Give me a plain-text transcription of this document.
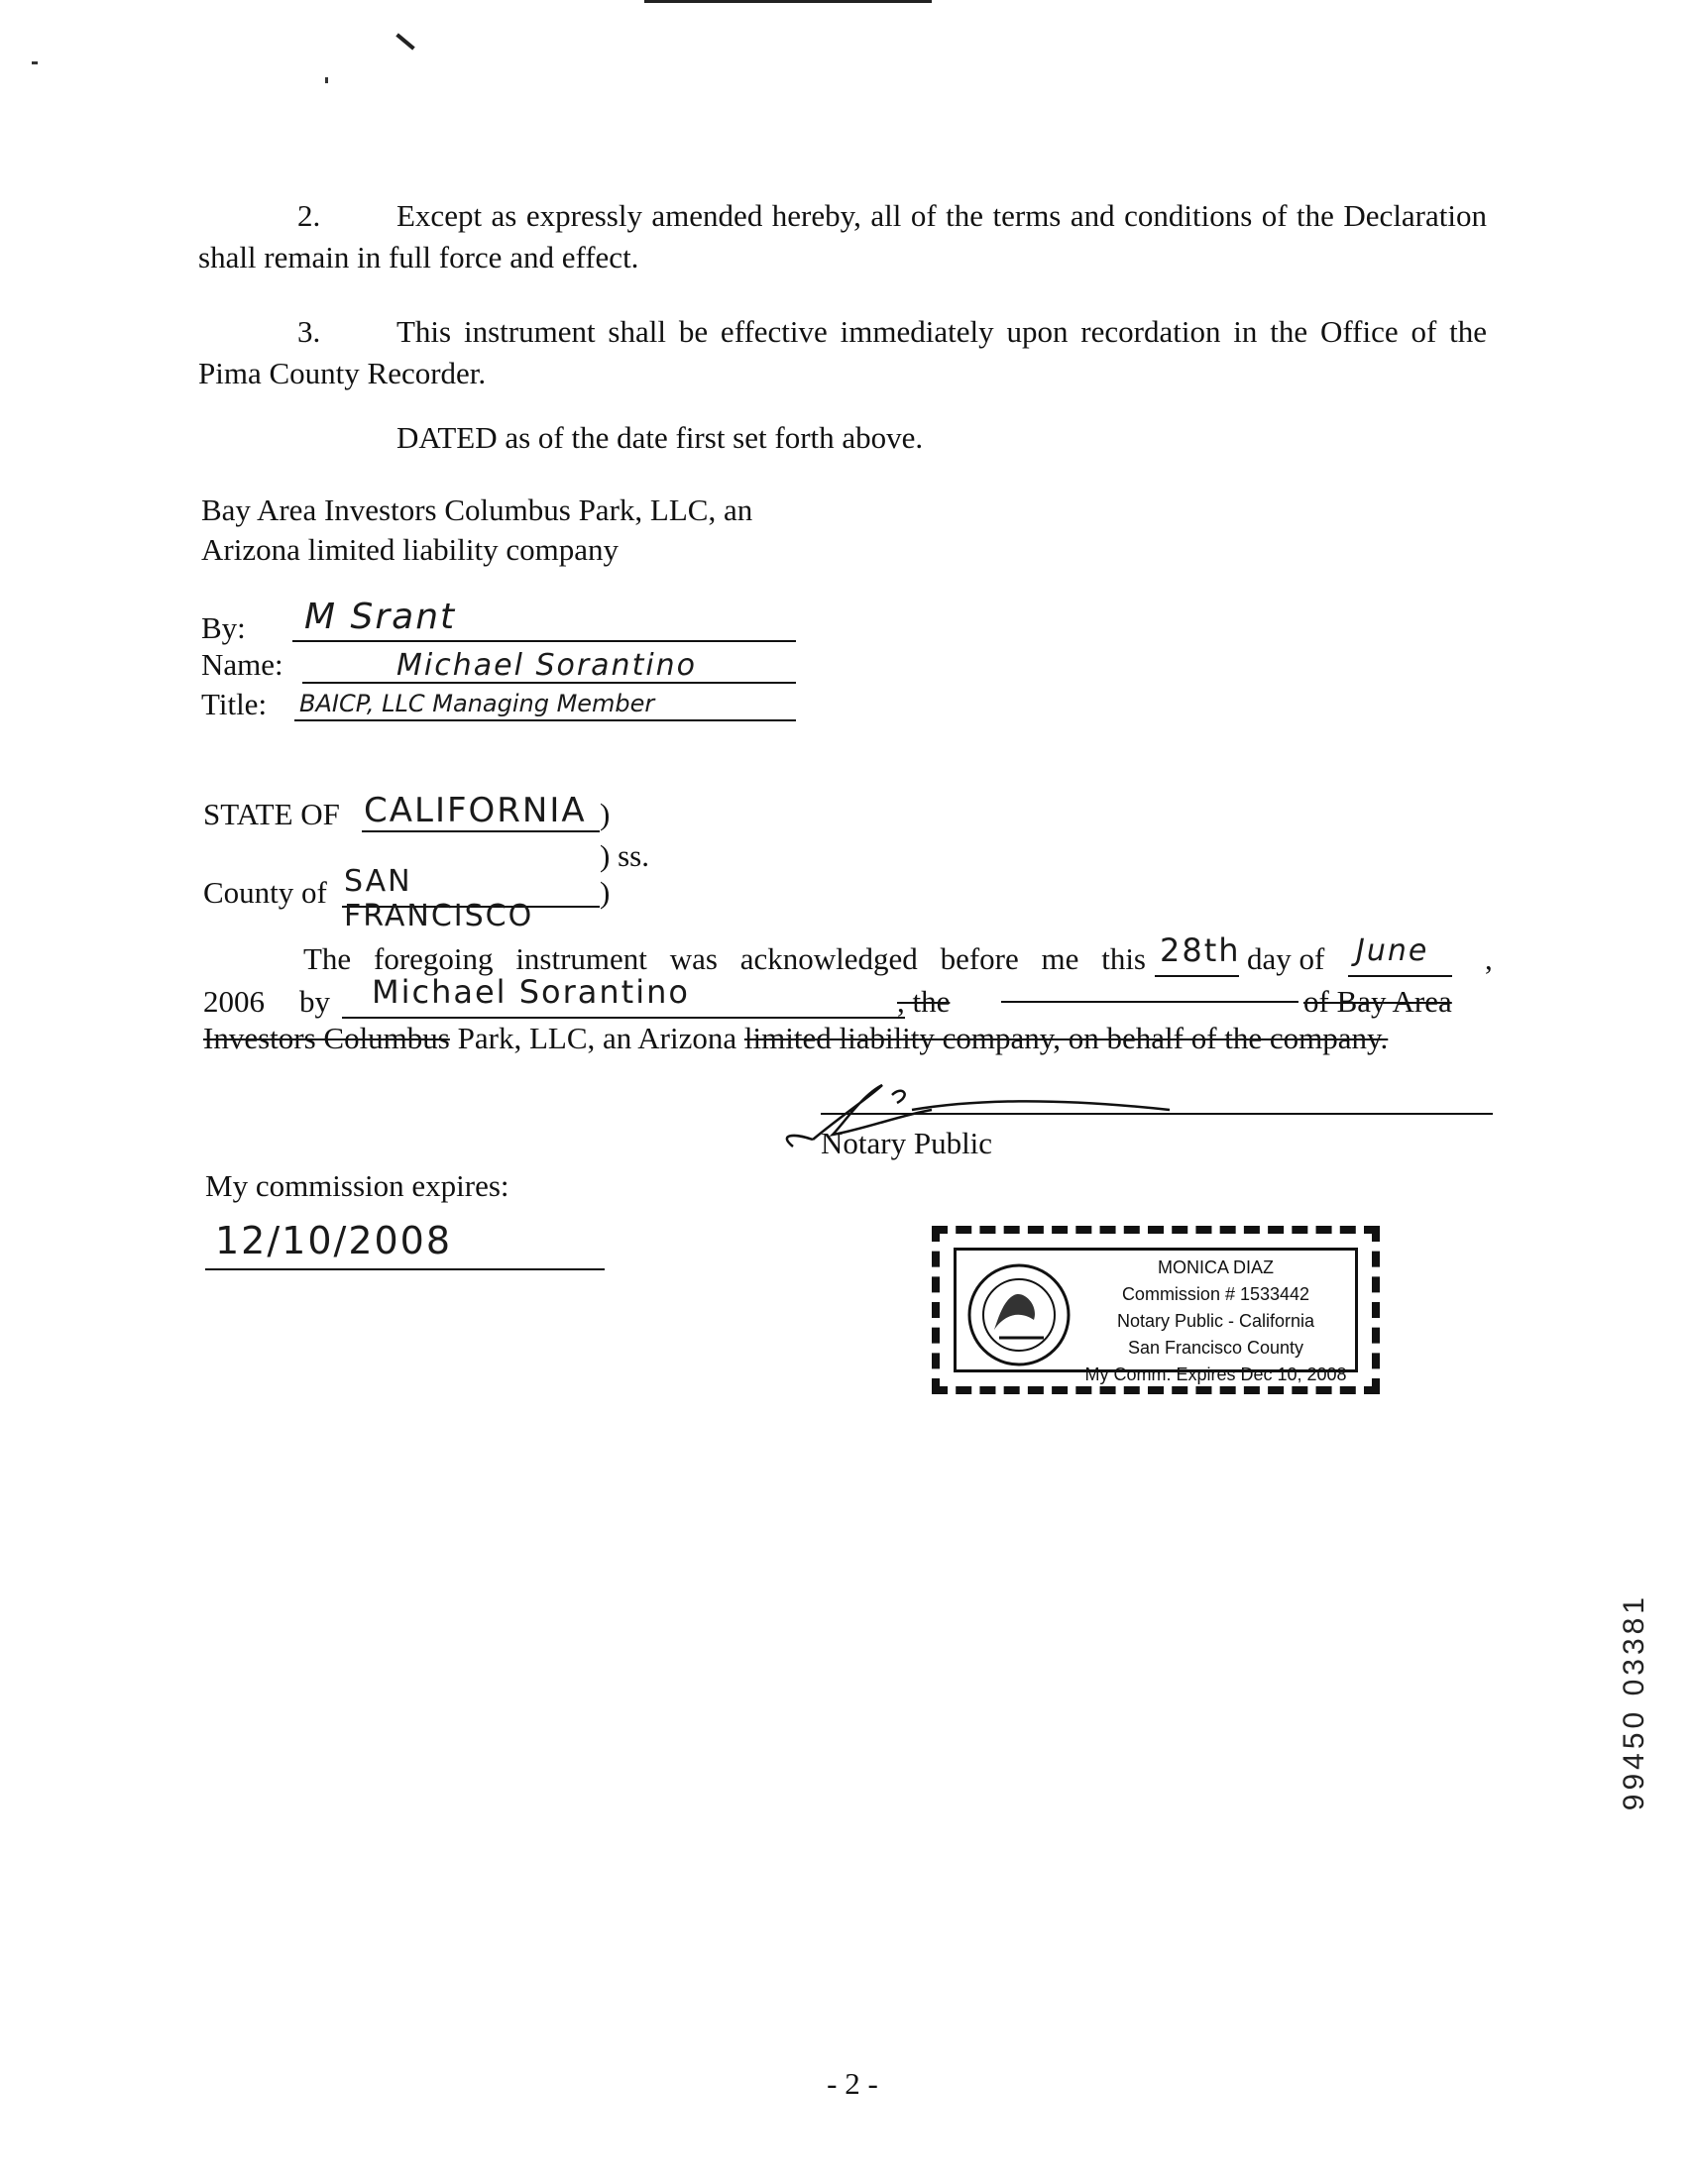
2. Except as expressly amended hereby, all of the terms and conditions of the Declaration shall remain in full force and effect.
3. This instrument shall be effective immediately upon recordation in the Office of the Pima County Recorder.
DATED as of the date first set forth above.
Bay Area Investors Columbus Park, LLC, an
Arizona limited liability company
By: M Srant
Name:	Michael Sorantino
Title: BAICP, LLC Managing Member
STATE OF CALIFORNIA )
) ss.
County of SAN FRANCISCO
)
The foregoing instrument was acknowledged before me this 28th day of June ,
2006 by Michael Sorantino	, the	of Bay Area
Investors Columbus Park, LLC, an Arizona limited liability company, on behalf of the company.
Notary Public
My commission expires:
12/10/2008
MONICA DIAZ
Commission # 1533442
Notary Public - California
San Francisco County
My Comm. Expires Dec 10, 2008
99450 03381
- 2 -
